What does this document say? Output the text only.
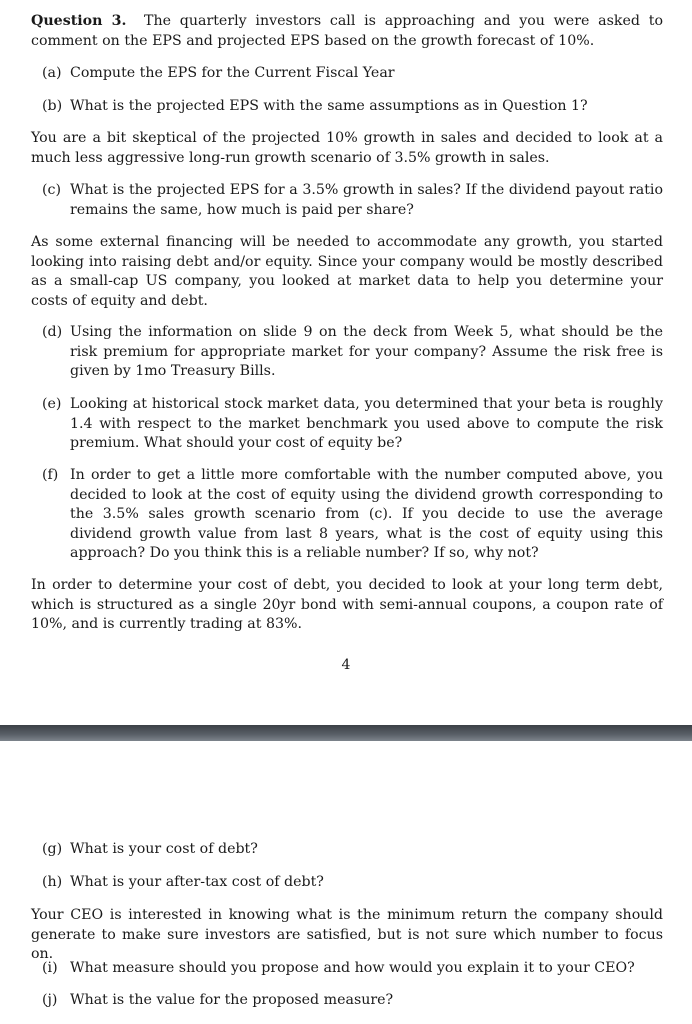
Question 3. The quarterly investors call is approaching and you were asked to comment on the EPS and projected EPS based on the growth forecast of 10%.

(a) Compute the EPS for the Current Fiscal Year

(b) What is the projected EPS with the same assumptions as in Question 1?

You are a bit skeptical of the projected 10% growth in sales and decided to look at a much less aggressive long-run growth scenario of 3.5% growth in sales.

(c) What is the projected EPS for a 3.5% growth in sales? If the dividend payout ratio remains the same, how much is paid per share?

As some external financing will be needed to accommodate any growth, you started looking into raising debt and/or equity. Since your company would be mostly described as a small-cap US company, you looked at market data to help you determine your costs of equity and debt.

(d) Using the information on slide 9 on the deck from Week 5, what should be the risk premium for appropriate market for your company? Assume the risk free is given by 1mo Treasury Bills.

(e) Looking at historical stock market data, you determined that your beta is roughly 1.4 with respect to the market benchmark you used above to compute the risk premium. What should your cost of equity be?

(f) In order to get a little more comfortable with the number computed above, you decided to look at the cost of equity using the dividend growth corresponding to the 3.5% sales growth scenario from (c). If you decide to use the average dividend growth value from last 8 years, what is the cost of equity using this approach? Do you think this is a reliable number? If so, why not?

In order to determine your cost of debt, you decided to look at your long term debt, which is structured as a single 20yr bond with semi-annual coupons, a coupon rate of 10%, and is currently trading at 83%.

4

(g) What is your cost of debt?

(h) What is your after-tax cost of debt?

Your CEO is interested in knowing what is the minimum return the company should generate to make sure investors are satisfied, but is not sure which number to focus on.

(i) What measure should you propose and how would you explain it to your CEO?

(j) What is the value for the proposed measure?
